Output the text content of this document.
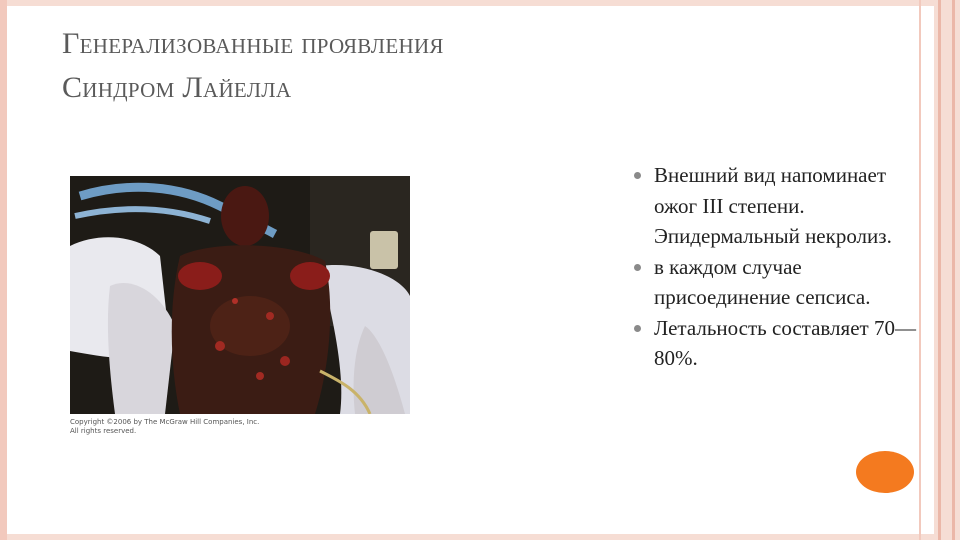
Генерализованные проявления
Синдром Лайелла
Copyright ©2006 by The McGraw Hill Companies, Inc.
All rights reserved.
Внешний вид напоминает ожог III степени. Эпидермальный некролиз.
в каждом случае присоединение сепсиса.
Летальность составляет 70—80%.
